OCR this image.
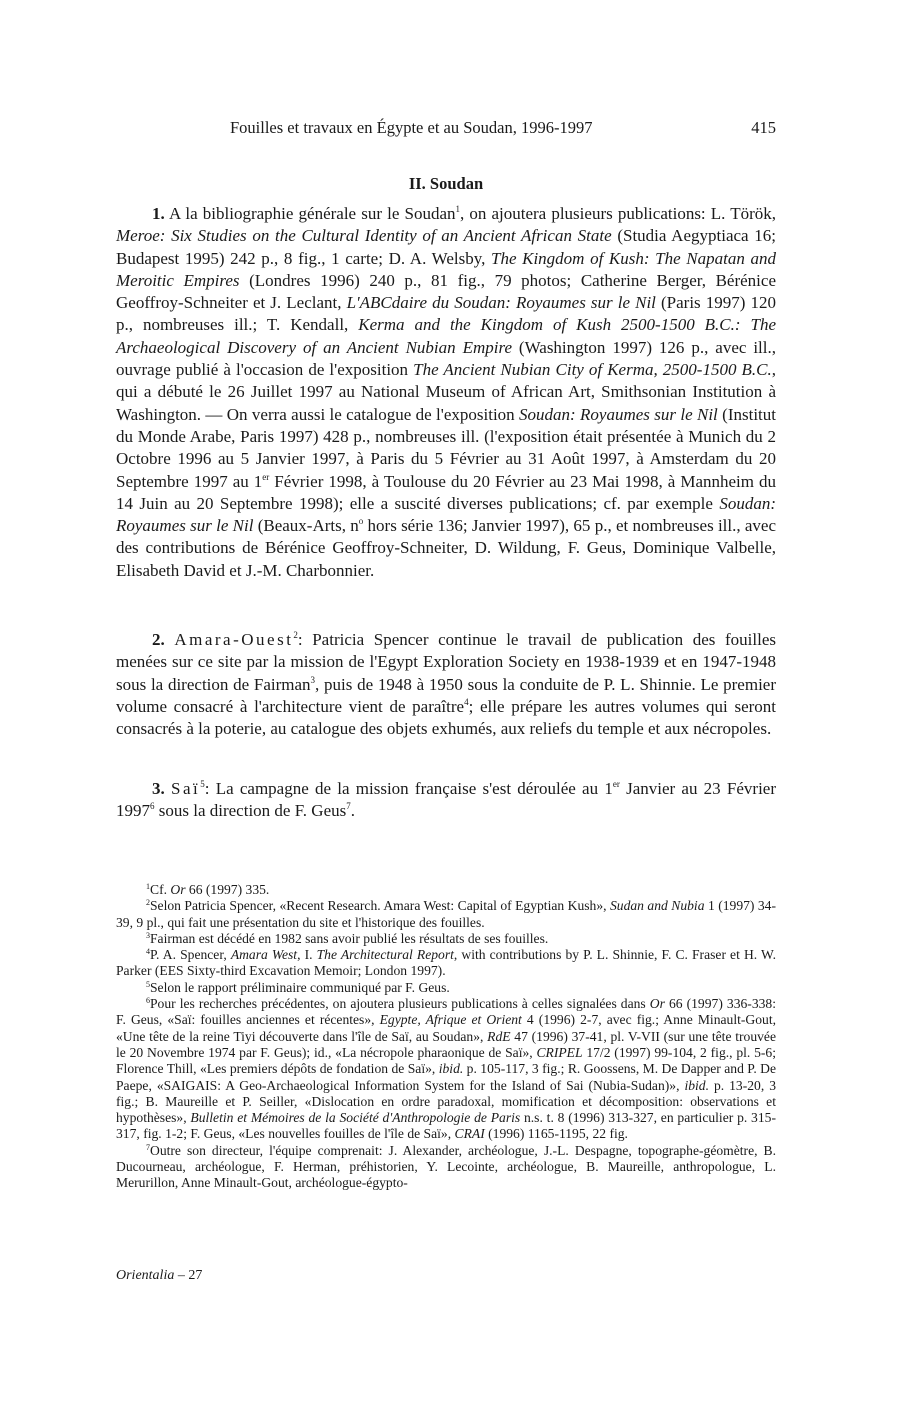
Fouilles et travaux en Égypte et au Soudan, 1996-1997	415
II. Soudan

1. A la bibliographie générale sur le Soudan$^1$, on ajoutera plusieurs publications: L. Török, Meroe: Six Studies on the Cultural Identity of an Ancient African State (Studia Aegyptiaca 16; Budapest 1995) 242 p., 8 fig., 1 carte; D. A. Welsby, The Kingdom of Kush: The Napatan and Meroitic Empires (Londres 1996) 240 p., 81 fig., 79 photos; Catherine Berger, Bérénice Geoffroy-Schneiter et J. Leclant, L'ABCdaire du Soudan: Royaumes sur le Nil (Paris 1997) 120 p., nombreuses ill.; T. Kendall, Kerma and the Kingdom of Kush 2500-1500 B.C.: The Archaeological Discovery of an Ancient Nubian Empire (Washington 1997) 126 p., avec ill., ouvrage publié à l'occasion de l'exposition The Ancient Nubian City of Kerma, 2500-1500 B.C., qui a débuté le 26 Juillet 1997 au National Museum of African Art, Smithsonian Institution à Washington. — On verra aussi le catalogue de l'exposition Soudan: Royaumes sur le Nil (Institut du Monde Arabe, Paris 1997) 428 p., nombreuses ill. (l'exposition était présentée à Munich du 2 Octobre 1996 au 5 Janvier 1997, à Paris du 5 Février au 31 Août 1997, à Amsterdam du 20 Septembre 1997 au 1er Février 1998, à Toulouse du 20 Février au 23 Mai 1998, à Mannheim du 14 Juin au 20 Septembre 1998); elle a suscité diverses publications; cf. par exemple Soudan: Royaumes sur le Nil (Beaux-Arts, $n^o$ hors série 136; Janvier 1997), 65 p., et nombreuses ill., avec des contributions de Bérénice Geoffroy-Schneiter, D. Wildung, F. Geus, Dominique Valbelle, Elisabeth David et J.-M. Charbonnier.

2. Amara-Ouest$^2$: Patricia Spencer continue le travail de publication des fouilles menées sur ce site par la mission de l'Egypt Exploration Society en 1938-1939 et en 1947-1948 sous la direction de Fairman$^3$, puis de 1948 à 1950 sous la conduite de P. L. Shinnie. Le premier volume consacré à l'architecture vient de paraître$^4$; elle prépare les autres volumes qui seront consacrés à la poterie, au catalogue des objets exhumés, aux reliefs du temple et aux nécropoles.

3. Saï$^5$: La campagne de la mission française s'est déroulée au 1er Janvier au 23 Février 1997$^6$ sous la direction de F. Geus$^7$.

$^1$Cf. Or 66 (1997) 335.

$^2$Selon Patricia Spencer, «Recent Research. Amara West: Capital of Egyptian Kush», Sudan and Nubia 1 (1997) 34-39, 9 pl., qui fait une présentation du site et l'historique des fouilles.

$^3$Fairman est décédé en 1982 sans avoir publié les résultats de ses fouilles.

$^4$P. A. Spencer, Amara West, I. The Architectural Report, with contributions by P. L. Shinnie, F. C. Fraser et H. W. Parker (EES Sixty-third Excavation Memoir; London 1997).

$^5$Selon le rapport préliminaire communiqué par F. Geus.

$^6$Pour les recherches précédentes, on ajoutera plusieurs publications à celles signalées dans Or 66 (1997) 336-338: F. Geus, «Saï: fouilles anciennes et récentes», Egypte, Afrique et Orient 4 (1996) 2-7, avec fig.; Anne Minault-Gout, «Une tête de la reine Tiyi découverte dans l'île de Saï, au Soudan», RdE 47 (1996) 37-41, pl. V-VII (sur une tête trouvée le 20 Novembre 1974 par F. Geus); id., «La nécropole pharaonique de Saï», CRIPEL 17/2 (1997) 99-104, 2 fig., pl. 5-6; Florence Thill, «Les premiers dépôts de fondation de Saï», ibid. p. 105-117, 3 fig.; R. Goossens, M. De Dapper and P. De Paepe, «SAIGAIS: A Geo-Archaeological Information System for the Island of Sai (Nubia-Sudan)», ibid. p. 13-20, 3 fig.; B. Maureille et P. Seiller, «Dislocation en ordre paradoxal, momification et décomposition: observations et hypothèses», Bulletin et Mémoires de la Société d'Anthropologie de Paris n.s. t. 8 (1996) 313-327, en particulier p. 315-317, fig. 1-2; F. Geus, «Les nouvelles fouilles de l'île de Saï», CRAI (1996) 1165-1195, 22 fig.

$^7$Outre son directeur, l'équipe comprenait: J. Alexander, archéologue, J.-L. Despagne, topographe-géomètre, B. Ducourneau, archéologue, F. Herman, préhistorien, Y. Lecointe, archéologue, B. Maureille, anthropologue, L. Merurillon, Anne Minault-Gout, archéologue-égypto-

Orientalia – 27
